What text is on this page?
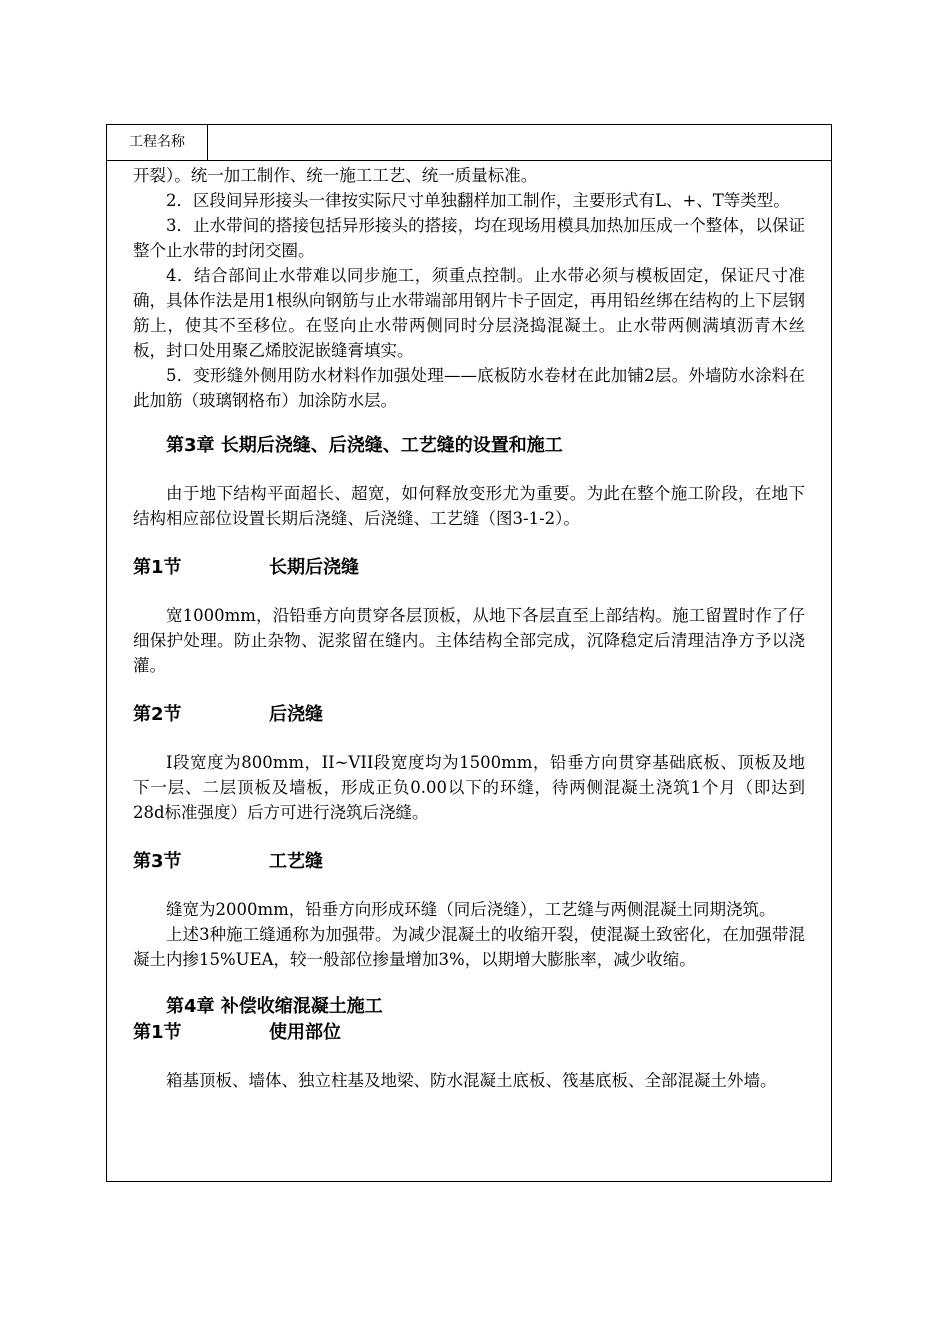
工程名称

开裂）。统一加工制作、统一施工工艺、统一质量标准。

2．区段间异形接头一律按实际尺寸单独翻样加工制作，主要形式有L、+、T等类型。

3．止水带间的搭接包括异形接头的搭接，均在现场用模具加热加压成一个整体，以保证整个止水带的封闭交圈。

4．结合部间止水带难以同步施工，须重点控制。止水带必须与模板固定，保证尺寸准确，具体作法是用1根纵向钢筋与止水带端部用钢片卡子固定，再用铅丝绑在结构的上下层钢筋上，使其不至移位。在竖向止水带两侧同时分层浇捣混凝土。止水带两侧满填沥青木丝板，封口处用聚乙烯胶泥嵌缝膏填实。

5．变形缝外侧用防水材料作加强处理——底板防水卷材在此加铺2层。外墙防水涂料在此加筋（玻璃钢格布）加涂防水层。

第3章 长期后浇缝、后浇缝、工艺缝的设置和施工

由于地下结构平面超长、超宽，如何释放变形尤为重要。为此在整个施工阶段，在地下结构相应部位设置长期后浇缝、后浇缝、工艺缝（图3-1-2）。

第1节	长期后浇缝

宽1000mm，沿铅垂方向贯穿各层顶板，从地下各层直至上部结构。施工留置时作了仔细保护处理。防止杂物、泥浆留在缝内。主体结构全部完成，沉降稳定后清理洁净方予以浇灌。

第2节	后浇缝

I段宽度为800mm，II~VII段宽度均为1500mm，铅垂方向贯穿基础底板、顶板及地下一层、二层顶板及墙板，形成正负0.00以下的环缝，待两侧混凝土浇筑1个月（即达到28d标准强度）后方可进行浇筑后浇缝。

第3节	工艺缝

缝宽为2000mm，铅垂方向形成环缝（同后浇缝），工艺缝与两侧混凝土同期浇筑。

上述3种施工缝通称为加强带。为减少混凝土的收缩开裂，使混凝土致密化，在加强带混凝土内掺15%UEA，较一般部位掺量增加3%，以期增大膨胀率，减少收缩。

第4章 补偿收缩混凝土施工
第1节	使用部位

箱基顶板、墙体、独立柱基及地梁、防水混凝土底板、筏基底板、全部混凝土外墙。
